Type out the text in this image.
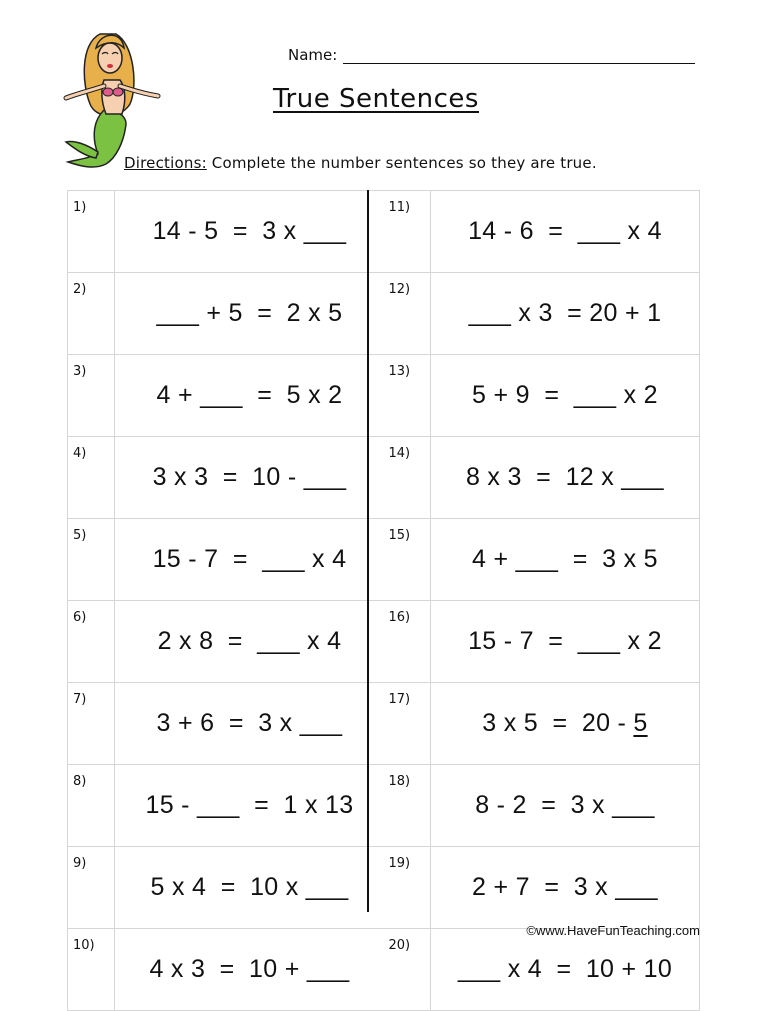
Name:
True Sentences
Directions: Complete the number sentences so they are true.
1)	14 - 5  =  3 x ___	11)	14 - 6  =  ___ x 4
2)	___ + 5  =  2 x 5	12)	___ x 3  = 20 + 1
3)	4 + ___  =  5 x 2	13)	5 + 9  =  ___ x 2
4)	3 x 3  =  10 - ___	14)	8 x 3  =  12 x ___
5)	15 - 7  =  ___ x 4	15)	4 + ___  =  3 x 5
6)	2 x 8  =  ___ x 4	16)	15 - 7  =  ___ x 2
7)	3 + 6  =  3 x ___	17)	3 x 5  =  20 - 5
8)	15 - ___  =  1 x 13	18)	8 - 2  =  3 x ___
9)	5 x 4  =  10 x ___	19)	2 + 7  =  3 x ___
10)	4 x 3  =  10 + ___	20)	___ x 4  =  10 + 10
©www.HaveFunTeaching.com
